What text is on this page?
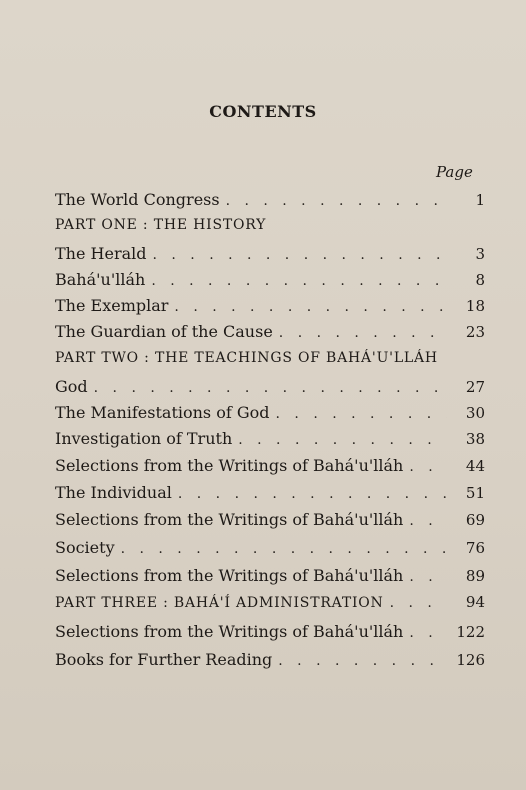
CONTENTS
Page
The World Congress . . .	1
PART ONE : THE HISTORY
The Herald . . .	3
Bahá'u'lláh . . .	8
The Exemplar . . .	18
The Guardian of the Cause . . .	23
PART TWO : THE TEACHINGS OF BAHÁ'U'LLÁH
God . . .	27
The Manifestations of God . . .	30
Investigation of Truth . . .	38
Selections from the Writings of Bahá'u'lláh . . .	44
The Individual . . .	51
Selections from the Writings of Bahá'u'lláh . . .	69
Society . . .	76
Selections from the Writings of Bahá'u'lláh . . .	89
PART THREE : BAHÁ'Í ADMINISTRATION . . .	94
Selections from the Writings of Bahá'u'lláh . . .	122
Books for Further Reading . . .	126
